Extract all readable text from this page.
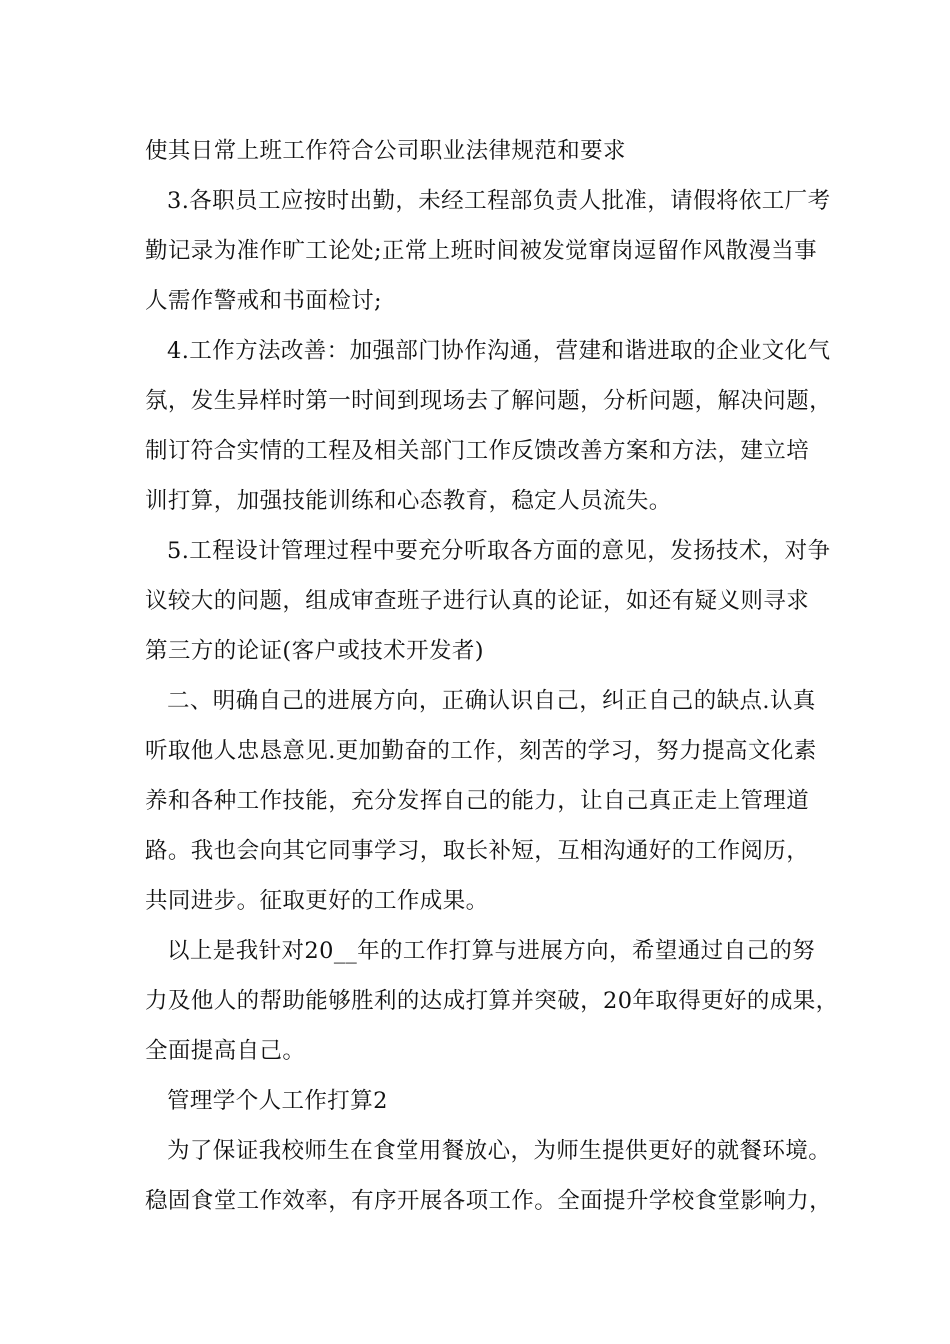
使其日常上班工作符合公司职业法律规范和要求
3.各职员工应按时出勤，未经工程部负责人批准，请假将依工厂考
勤记录为准作旷工论处;正常上班时间被发觉窜岗逗留作风散漫当事
人需作警戒和书面检讨;
4.工作方法改善：加强部门协作沟通，营建和谐进取的企业文化气
氛，发生异样时第一时间到现场去了解问题，分析问题，解决问题，
制订符合实情的工程及相关部门工作反馈改善方案和方法，建立培
训打算，加强技能训练和心态教育，稳定人员流失。
5.工程设计管理过程中要充分听取各方面的意见，发扬技术，对争
议较大的问题，组成审查班子进行认真的论证，如还有疑义则寻求
第三方的论证(客户或技术开发者)
二、明确自己的进展方向，正确认识自己，纠正自己的缺点.认真
听取他人忠恳意见.更加勤奋的工作，刻苦的学习，努力提高文化素
养和各种工作技能，充分发挥自己的能力，让自己真正走上管理道
路。我也会向其它同事学习，取长补短，互相沟通好的工作阅历，
共同进步。征取更好的工作成果。
以上是我针对20__年的工作打算与进展方向，希望通过自己的努
力及他人的帮助能够胜利的达成打算并突破，20年取得更好的成果，
全面提高自己。
管理学个人工作打算2
为了保证我校师生在食堂用餐放心，为师生提供更好的就餐环境。
稳固食堂工作效率，有序开展各项工作。全面提升学校食堂影响力，
